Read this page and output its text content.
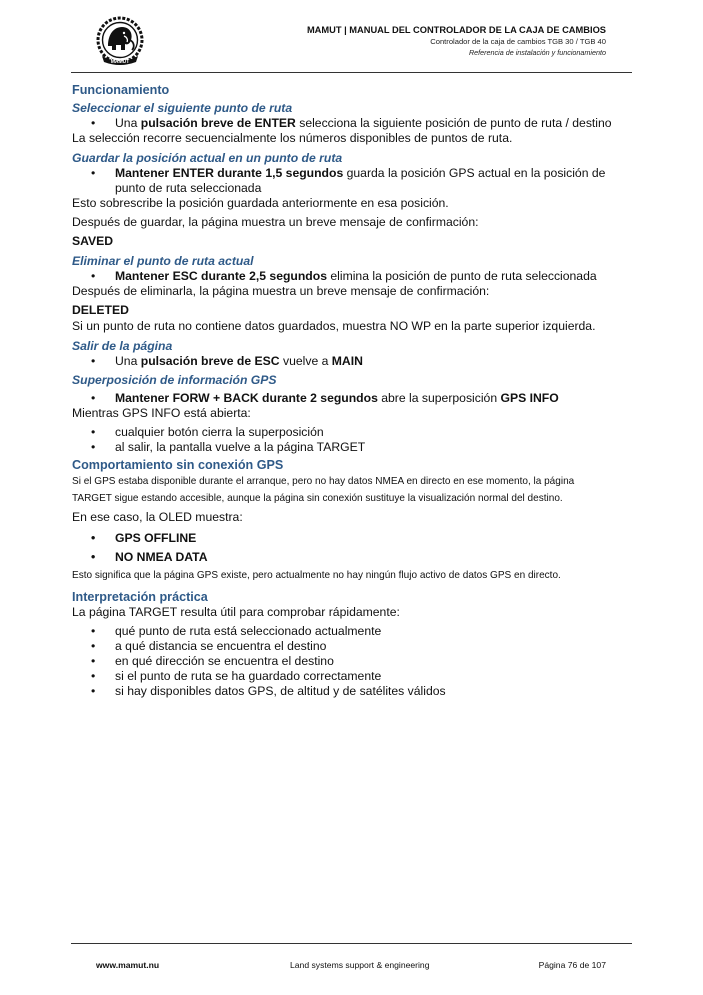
MAMUT
MAMUT | MANUAL DEL CONTROLADOR DE LA CAJA DE CAMBIOS
Controlador de la caja de cambios TGB 30 / TGB 40
Referencia de instalación y funcionamiento
Funcionamiento
Seleccionar el siguiente punto de ruta
• Una pulsación breve de ENTER selecciona la siguiente posición de punto de ruta / destino
La selección recorre secuencialmente los números disponibles de puntos de ruta.
Guardar la posición actual en un punto de ruta
• Mantener ENTER durante 1,5 segundos guarda la posición GPS actual en la posición de punto de ruta seleccionada
Esto sobrescribe la posición guardada anteriormente en esa posición.
Después de guardar, la página muestra un breve mensaje de confirmación:
SAVED
Eliminar el punto de ruta actual
• Mantener ESC durante 2,5 segundos elimina la posición de punto de ruta seleccionada
Después de eliminarla, la página muestra un breve mensaje de confirmación:
DELETED
Si un punto de ruta no contiene datos guardados, muestra NO WP en la parte superior izquierda.
Salir de la página
• Una pulsación breve de ESC vuelve a MAIN
Superposición de información GPS
• Mantener FORW + BACK durante 2 segundos abre la superposición GPS INFO
Mientras GPS INFO está abierta:
• cualquier botón cierra la superposición
• al salir, la pantalla vuelve a la página TARGET
Comportamiento sin conexión GPS
Si el GPS estaba disponible durante el arranque, pero no hay datos NMEA en directo en ese momento, la página
TARGET sigue estando accesible, aunque la página sin conexión sustituye la visualización normal del destino.
En ese caso, la OLED muestra:
• GPS OFFLINE
• NO NMEA DATA
Esto significa que la página GPS existe, pero actualmente no hay ningún flujo activo de datos GPS en directo.
Interpretación práctica
La página TARGET resulta útil para comprobar rápidamente:
• qué punto de ruta está seleccionado actualmente
• a qué distancia se encuentra el destino
• en qué dirección se encuentra el destino
• si el punto de ruta se ha guardado correctamente
• si hay disponibles datos GPS, de altitud y de satélites válidos
www.mamut.nu	Land systems support & engineering	Página 76 de 107
